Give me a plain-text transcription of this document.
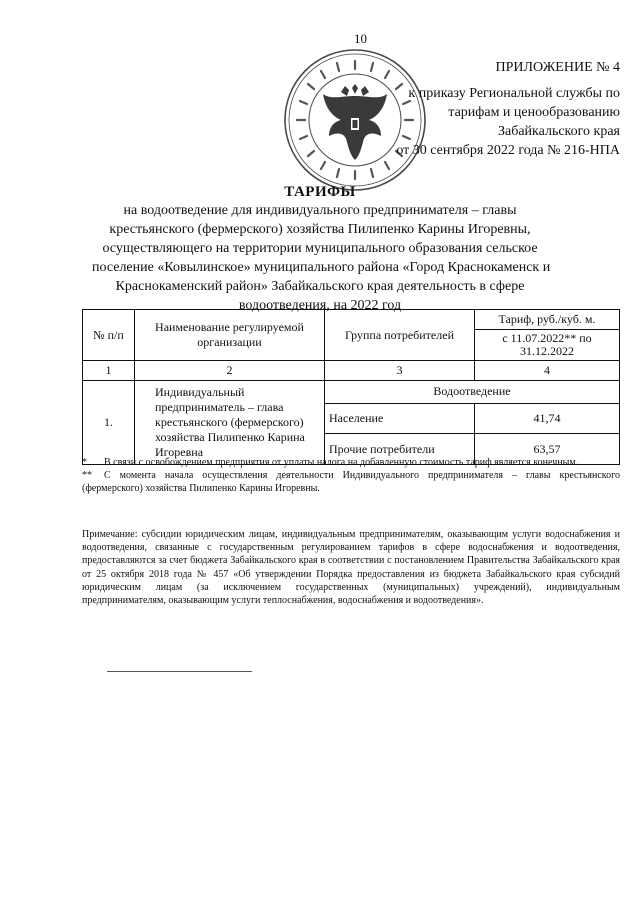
10
ПРИЛОЖЕНИЕ № 4
к приказу Региональной службы по
тарифам и ценообразованию
Забайкальского края
от 30 сентября 2022 года № 216-НПА
ТАРИФЫ
на водоотведение для индивидуального предпринимателя – главы
крестьянского (фермерского) хозяйства Пилипенко Карины Игоревны,
осуществляющего на территории муниципального образования сельское
поселение «Ковылинское» муниципального района «Город Краснокаменск и
Краснокаменский район» Забайкальского края деятельность в сфере
водоотведения, на 2022 год
№ п/п	Наименование регулируемой организации	Группа потребителей	Тариф, руб./куб. м.
			с 11.07.2022** по 31.12.2022
1	2	3	4
1.	Индивидуальный предприниматель – глава крестьянского (фермерского) хозяйства Пилипенко Карина Игоревна	Водоотведение	
		Население	41,74
		Прочие потребители	63,57
* В связи с освобождением предприятия от уплаты налога на добавленную стоимость тариф является конечным.
** С момента начала осуществления деятельности Индивидуального предпринимателя – главы крестьянского (фермерского) хозяйства Пилипенко Карины Игоревны.
Примечание: субсидии юридическим лицам, индивидуальным предпринимателям, оказывающим услуги водоснабжения и водоотведения, связанные с государственным регулированием тарифов в сфере водоснабжения и водоотведения, предоставляются за счет бюджета Забайкальского края в соответствии с постановлением Правительства Забайкальского края от 25 октября 2018 года № 457 «Об утверждении Порядка предоставления из бюджета Забайкальского края субсидий юридическим лицам (за исключением государственных (муниципальных) учреждений), индивидуальным предпринимателям, оказывающим услуги теплоснабжения, водоснабжения и водоотведения».
